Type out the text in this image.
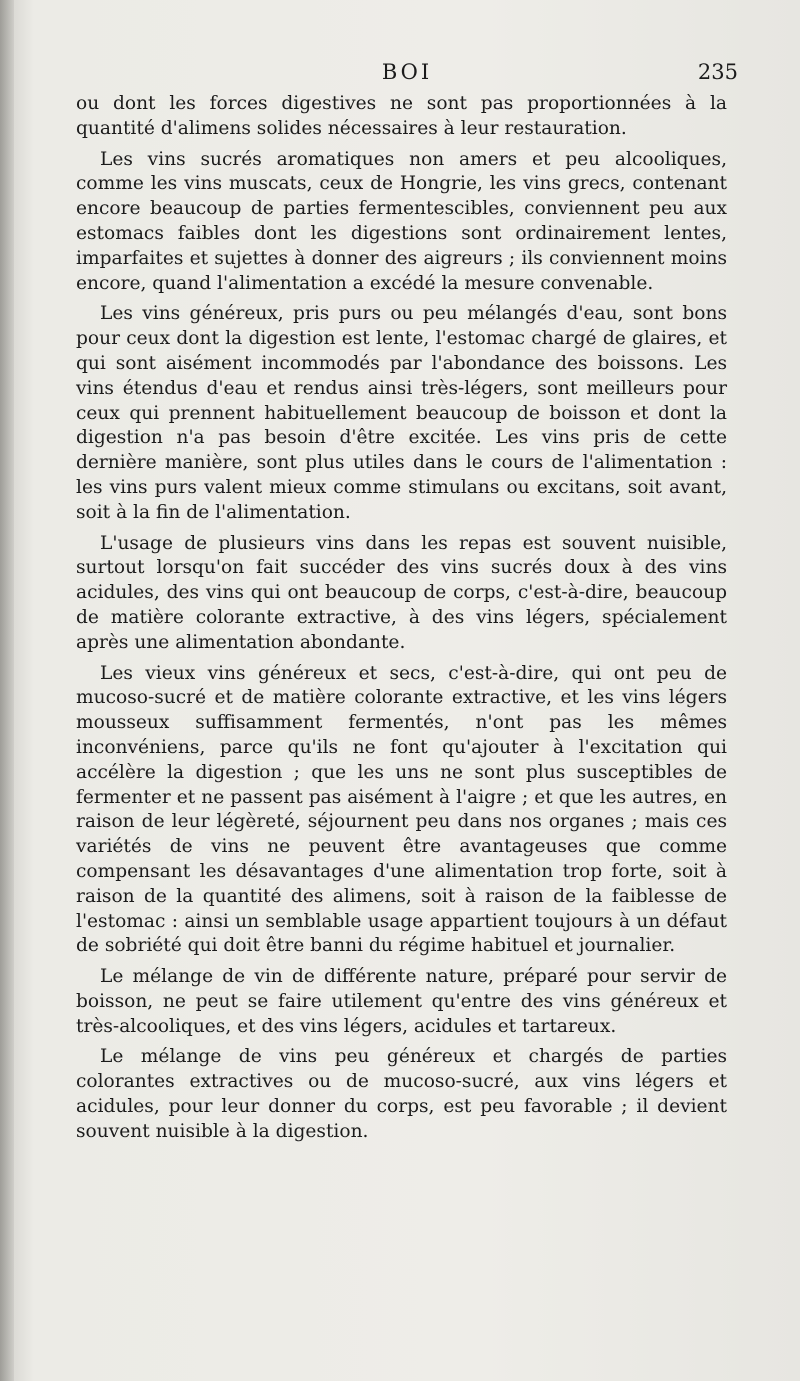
BOI	235

ou dont les forces digestives ne sont pas proportionnées à la quantité d'alimens solides nécessaires à leur restauration.

Les vins sucrés aromatiques non amers et peu alcooliques, comme les vins muscats, ceux de Hongrie, les vins grecs, contenant encore beaucoup de parties fermentescibles, conviennent peu aux estomacs faibles dont les digestions sont ordinairement lentes, imparfaites et sujettes à donner des aigreurs ; ils conviennent moins encore, quand l'alimentation a excédé la mesure convenable.

Les vins généreux, pris purs ou peu mélangés d'eau, sont bons pour ceux dont la digestion est lente, l'estomac chargé de glaires, et qui sont aisément incommodés par l'abondance des boissons. Les vins étendus d'eau et rendus ainsi très-légers, sont meilleurs pour ceux qui prennent habituellement beaucoup de boisson et dont la digestion n'a pas besoin d'être excitée. Les vins pris de cette dernière manière, sont plus utiles dans le cours de l'alimentation : les vins purs valent mieux comme stimulans ou excitans, soit avant, soit à la fin de l'alimentation.

L'usage de plusieurs vins dans les repas est souvent nuisible, surtout lorsqu'on fait succéder des vins sucrés doux à des vins acidules, des vins qui ont beaucoup de corps, c'est-à-dire, beaucoup de matière colorante extractive, à des vins légers, spécialement après une alimentation abondante.

Les vieux vins généreux et secs, c'est-à-dire, qui ont peu de mucoso-sucré et de matière colorante extractive, et les vins légers mousseux suffisamment fermentés, n'ont pas les mêmes inconvéniens, parce qu'ils ne font qu'ajouter à l'excitation qui accélère la digestion ; que les uns ne sont plus susceptibles de fermenter et ne passent pas aisément à l'aigre ; et que les autres, en raison de leur légèreté, séjournent peu dans nos organes ; mais ces variétés de vins ne peuvent être avantageuses que comme compensant les désavantages d'une alimentation trop forte, soit à raison de la quantité des alimens, soit à raison de la faiblesse de l'estomac : ainsi un semblable usage appartient toujours à un défaut de sobriété qui doit être banni du régime habituel et journalier.

Le mélange de vin de différente nature, préparé pour servir de boisson, ne peut se faire utilement qu'entre des vins généreux et très-alcooliques, et des vins légers, acidules et tartareux.

Le mélange de vins peu généreux et chargés de parties colorantes extractives ou de mucoso-sucré, aux vins légers et acidules, pour leur donner du corps, est peu favorable ; il devient souvent nuisible à la digestion.
